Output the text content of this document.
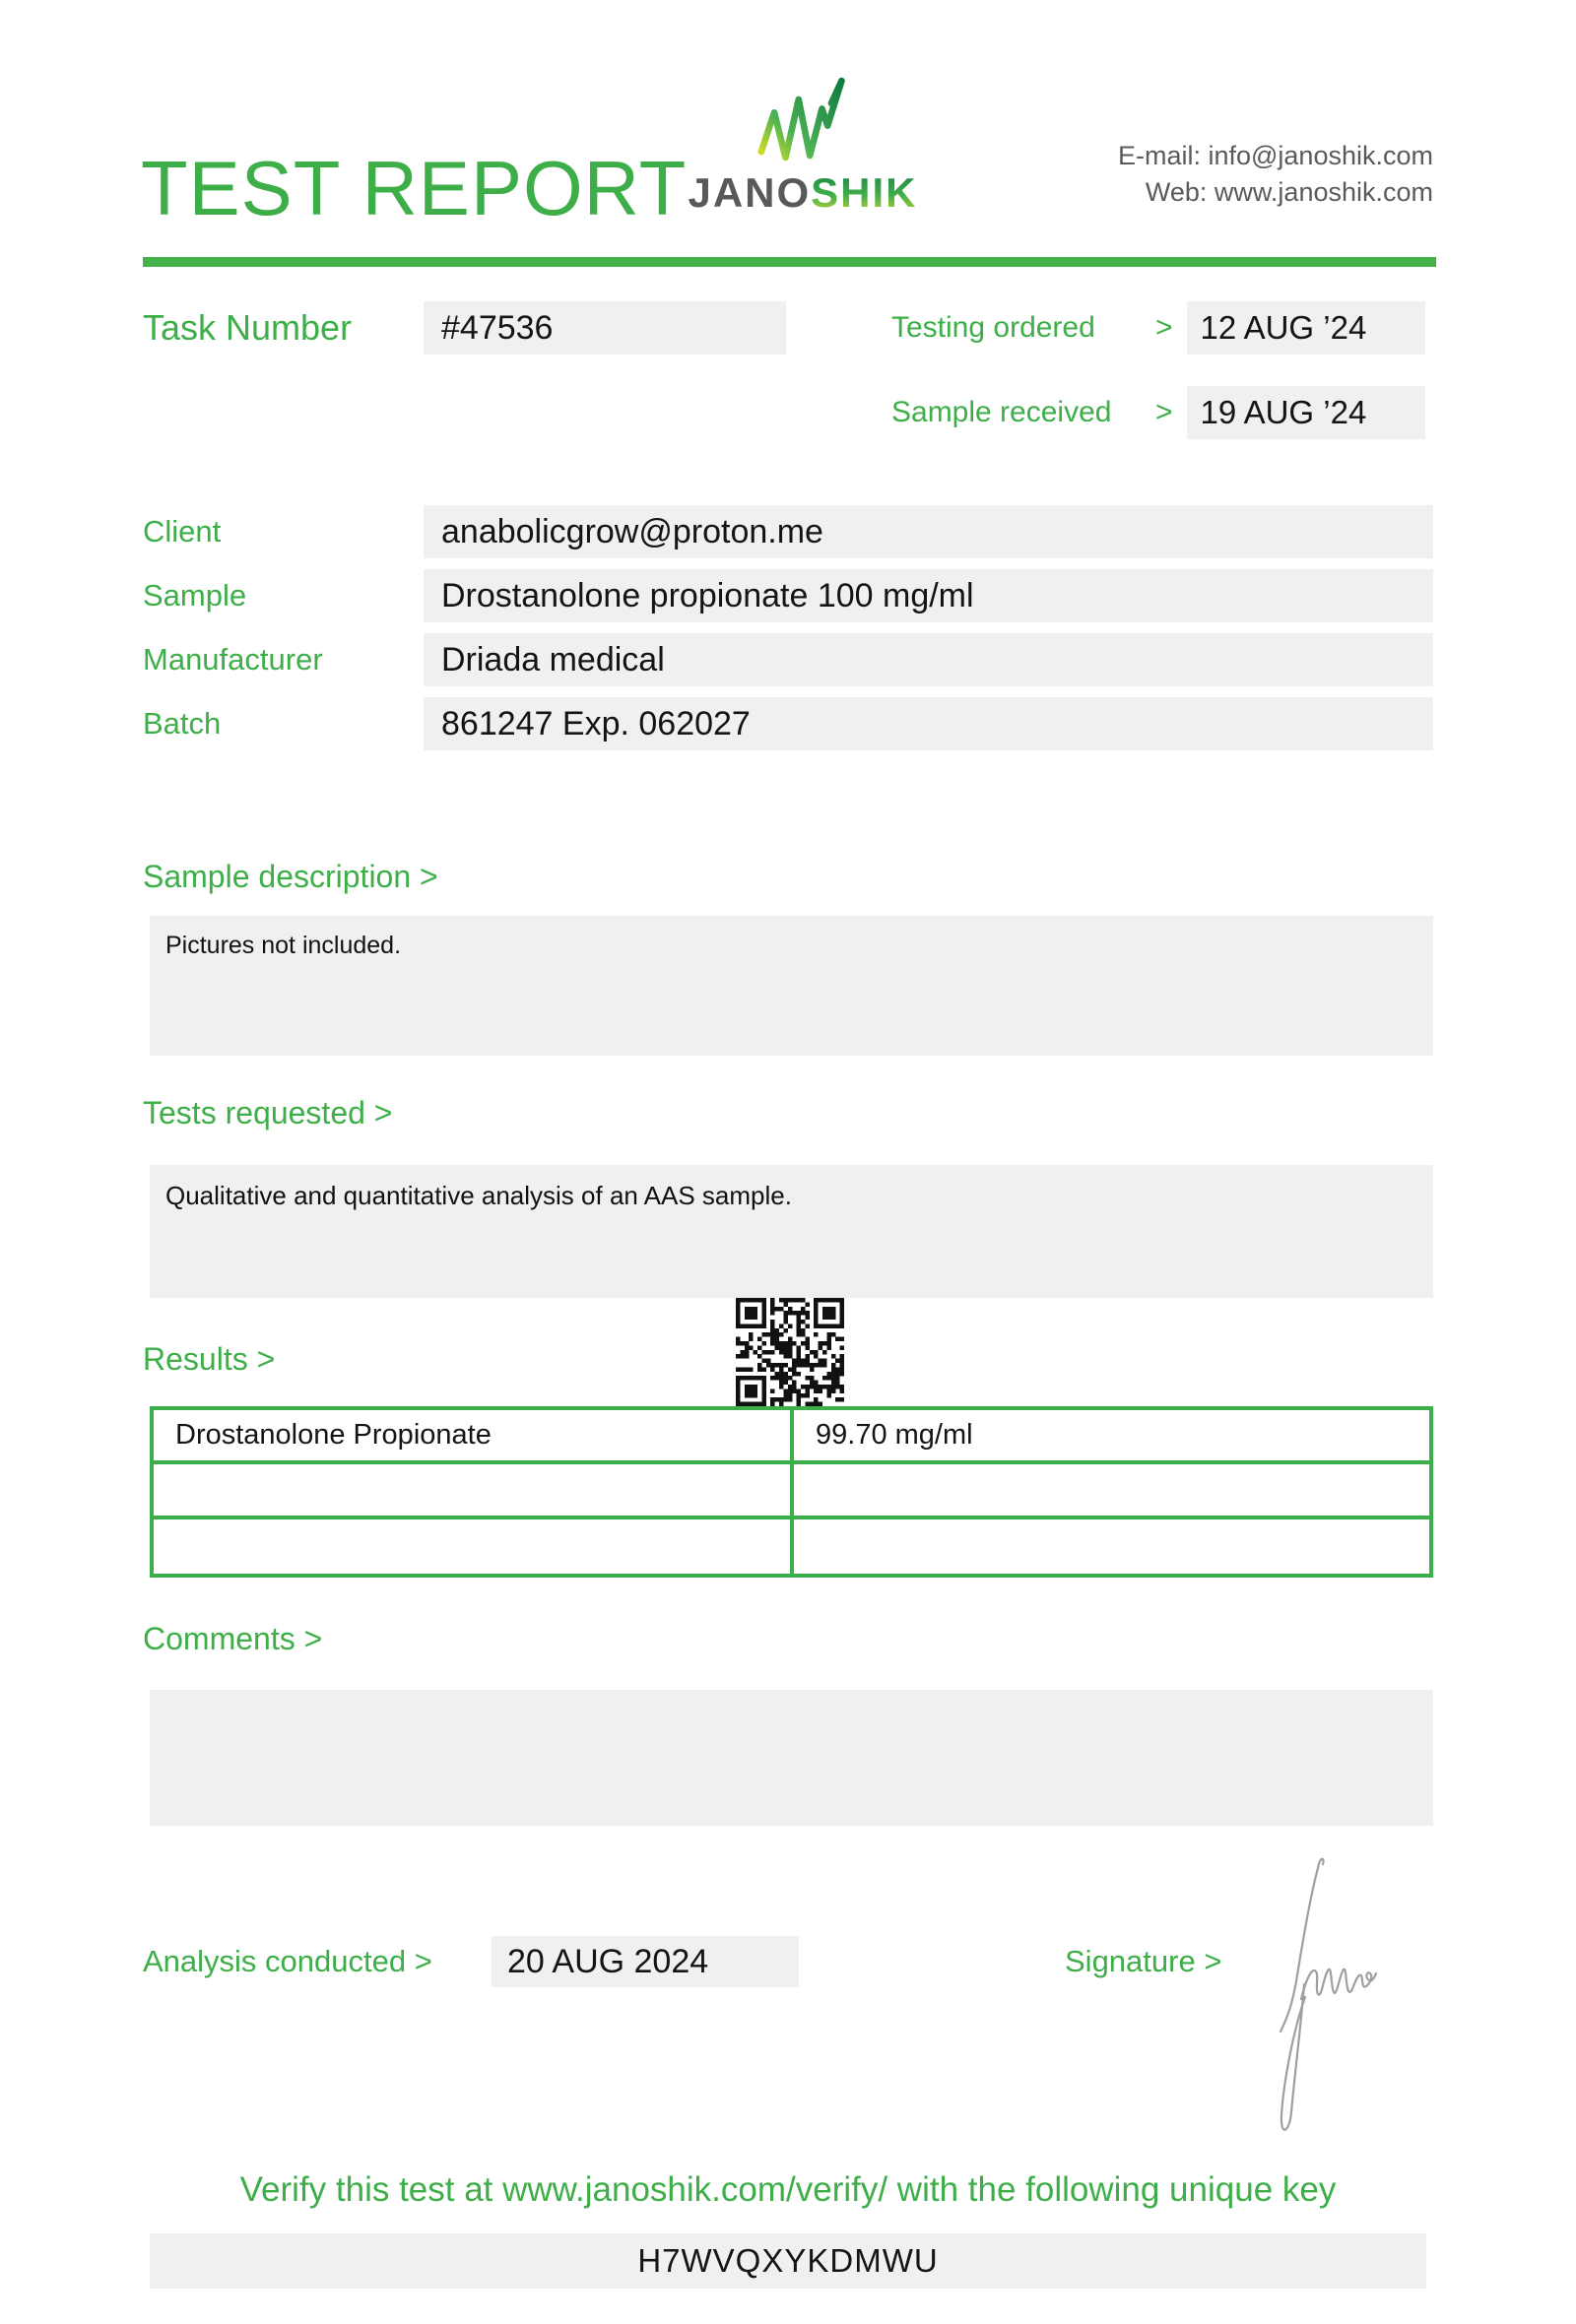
TEST REPORT JANOSHIK
E-mail: info@janoshik.com
Web: www.janoshik.com
Task Number	#47536	Testing ordered	> 12 AUG ’24
Sample received	> 19 AUG ’24
Client	anabolicgrow@proton.me
Sample	Drostanolone propionate 100 mg/ml
Manufacturer	Driada medical
Batch	861247 Exp. 062027
Sample description >
Pictures not included.
Tests requested >
Qualitative and quantitative analysis of an AAS sample.
Results >
Drostanolone Propionate	99.70 mg/ml
Comments >
Analysis conducted >	20 AUG 2024	Signature >
Verify this test at www.janoshik.com/verify/ with the following unique key
H7WVQXYKDMWU
